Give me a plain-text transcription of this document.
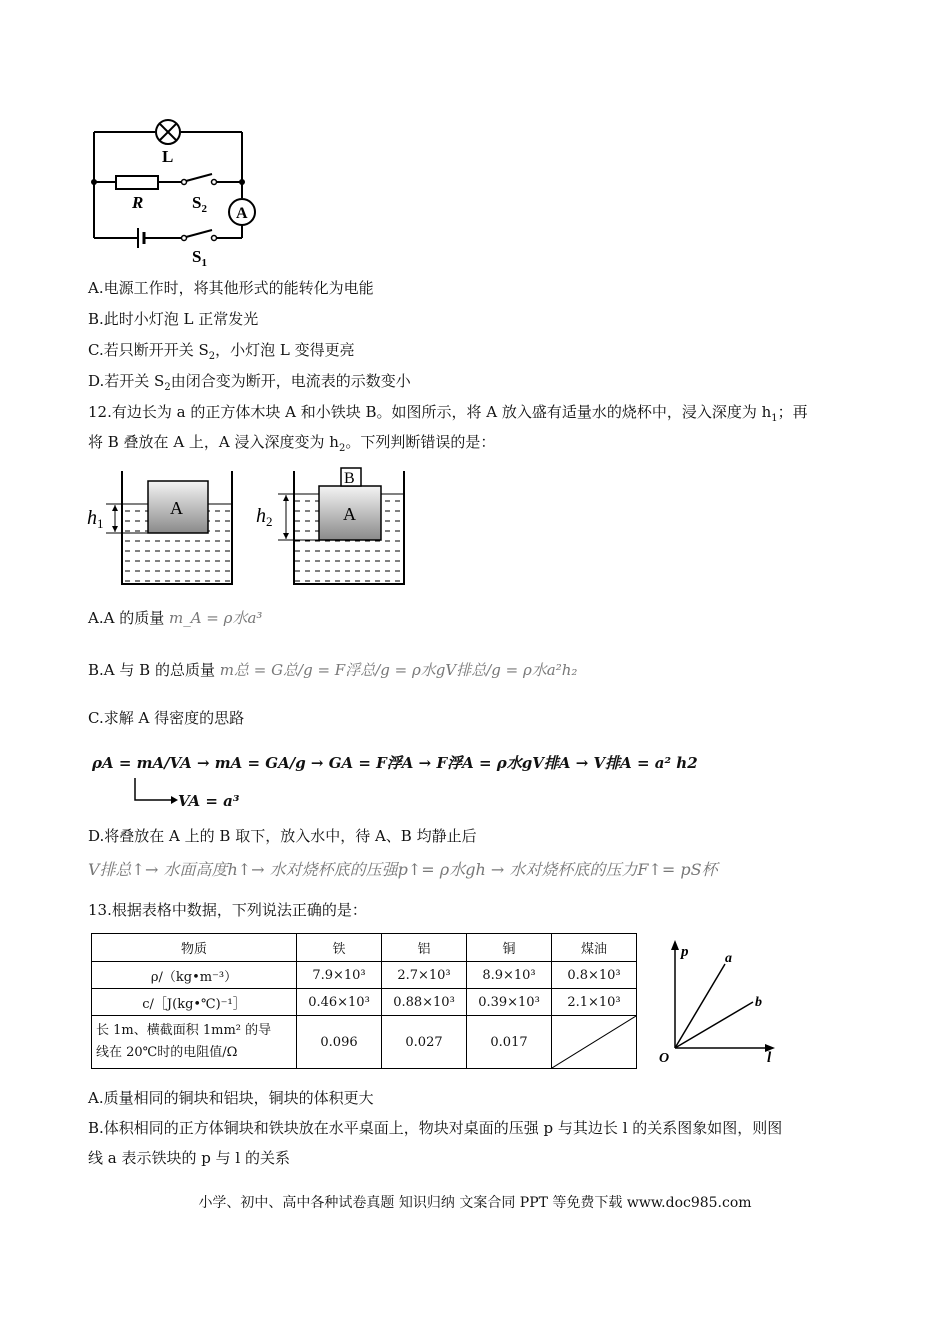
L
R	$S_2$ A
$S_1$
A.电源工作时，将其他形式的能转化为电能
B.此时小灯泡 L 正常发光
C.若只断开开关 $S_2$，小灯泡 L 变得更亮
D.若开关 $S_2$由闭合变为断开，电流表的示数变小
12.有边长为 a 的正方体木块 A 和小铁块 B。如图所示，将 A 放入盛有适量水的烧杯中，浸入深度为 $h_1$；再
将 B 叠放在 A 上，A 浸入深度变为 $h_2$。下列判断错误的是：
A
$h_1$
B
A
$h_2$
A.A 的质量 m_A = ρ水a³
B.A 与 B 的总质量 m总 = G总/g = F浮总/g = ρ水gV排总/g = ρ水a²h₂
C.求解 A 得密度的思路
ρA = mA/VA → mA = GA/g → GA = F浮A → F浮A = ρ水gV排A → V排A = a² h2
VA = a³
D.将叠放在 A 上的 B 取下，放入水中，待 A、B 均静止后
V排总↑→ 水面高度h↑→ 水对烧杯底的压强p↑= ρ水gh → 水对烧杯底的压力F↑= pS杯
13.根据表格中数据，下列说法正确的是：
物质	铁	铝	铜	煤油
ρ/（kg•m⁻³）	7.9×10³	2.7×10³	8.9×10³	0.8×10³
c/［J(kg•℃)⁻¹］	0.46×10³	0.88×10³	0.39×10³	2.1×10³

长 1m、横截面积 1mm² 的导
线在 20℃时的电阻值/Ω	0.096	0.027	0.017	
p	a
b
O	l
A.质量相同的铜块和铝块，铜块的体积更大
B.体积相同的正方体铜块和铁块放在水平桌面上，物块对桌面的压强 p 与其边长 l 的关系图象如图，则图
线 a 表示铁块的 p 与 l 的关系
小学、初中、高中各种试卷真题 知识归纳 文案合同 PPT 等免费下载 www.doc985.com
